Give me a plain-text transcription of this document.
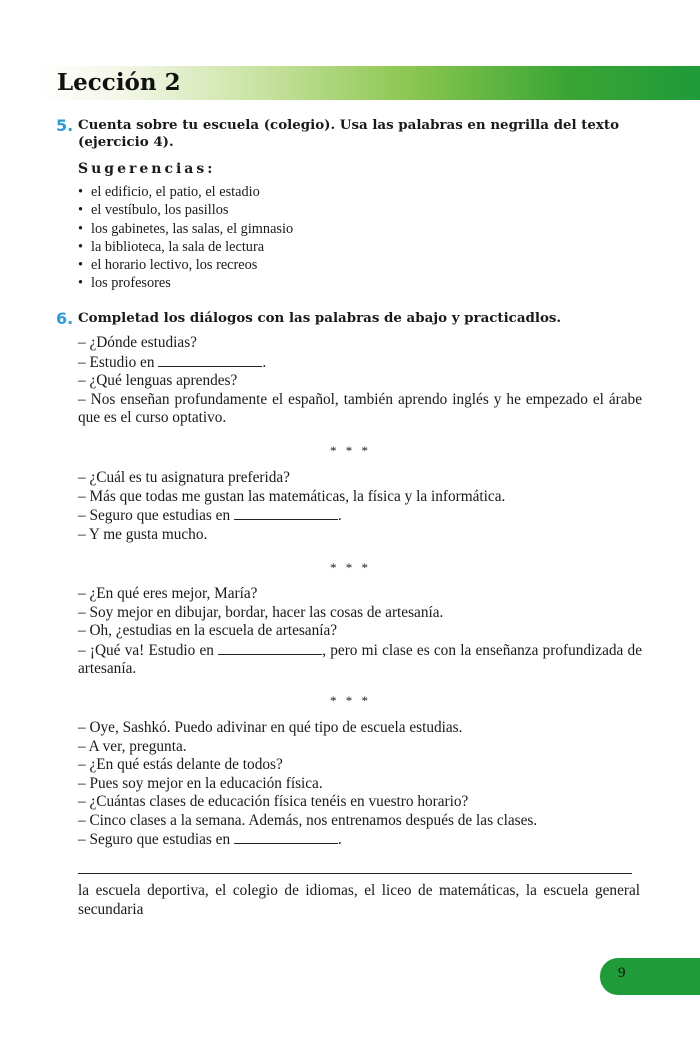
Lección 2
5. Cuenta sobre tu escuela (colegio). Usa las palabras en negrilla del texto (ejercicio 4).
Sugerencias:
• el edificio, el patio, el estadio
• el vestíbulo, los pasillos
• los gabinetes, las salas, el gimnasio
• la biblioteca, la sala de lectura
• el horario lectivo, los recreos
• los profesores
6. Completad los diálogos con las palabras de abajo y practicadlos.

– ¿Dónde estudias?

– Estudio en	.

– ¿Qué lenguas aprendes?

– Nos enseñan profundamente el español, también aprendo inglés y he empezado el árabe que es el curso optativo.

* * *

– ¿Cuál es tu asignatura preferida?

– Más que todas me gustan las matemáticas, la física y la informática.

– Seguro que estudias en	.

– Y me gusta mucho.

* * *

– ¿En qué eres mejor, María?

– Soy mejor en dibujar, bordar, hacer las cosas de artesanía.

– Oh, ¿estudias en la escuela de artesanía?

– ¡Qué va! Estudio en	, pero mi clase es con la enseñanza profundizada de artesanía.

* * *

– Oye, Sashkó. Puedo adivinar en qué tipo de escuela estudias.

– A ver, pregunta.

– ¿En qué estás delante de todos?

– Pues soy mejor en la educación física.

– ¿Cuántas clases de educación física tenéis en vuestro horario?

– Cinco clases a la semana. Además, nos entrenamos después de las clases.

– Seguro que estudias en	.

la escuela deportiva, el colegio de idiomas, el liceo de matemáticas, la escuela general secundaria

9
